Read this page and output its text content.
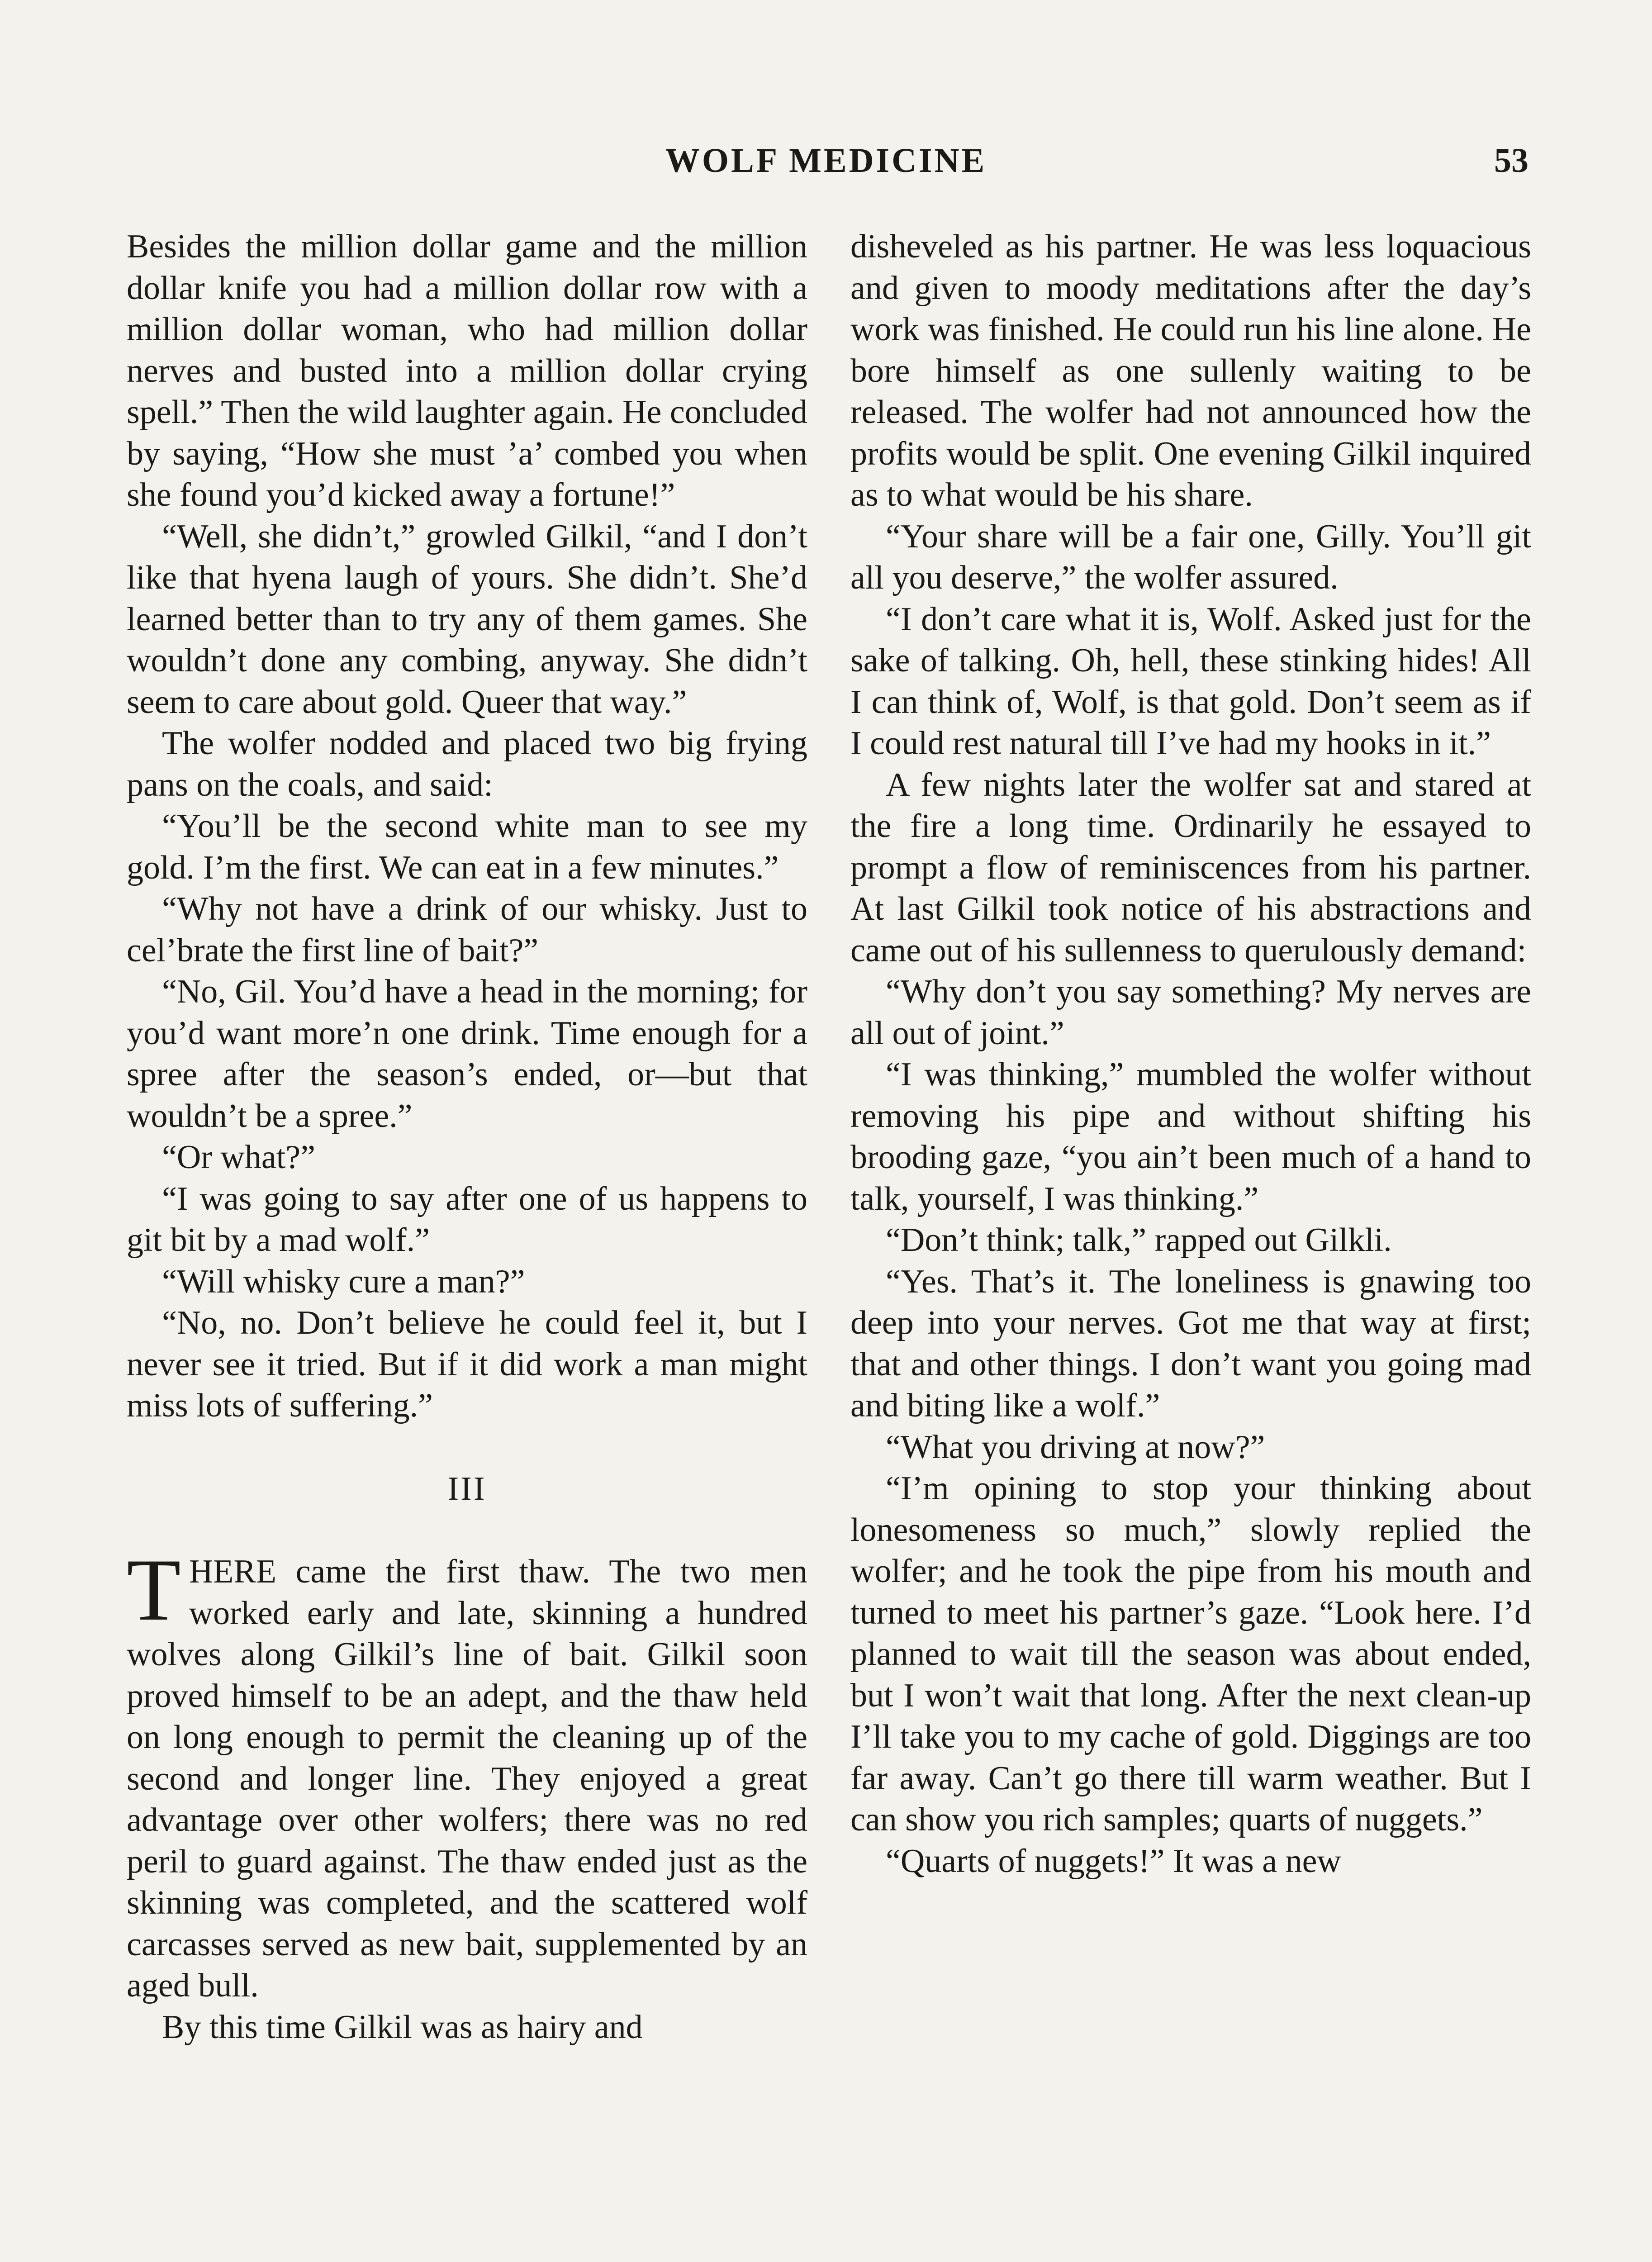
WOLF MEDICINE	53

Besides the million dollar game and the million dollar knife you had a million dollar row with a million dollar woman, who had million dollar nerves and busted into a million dollar crying spell.” Then the wild laughter again. He concluded by saying, “How she must ’a’ combed you when she found you’d kicked away a fortune!”

“Well, she didn’t,” growled Gilkil, “and I don’t like that hyena laugh of yours. She didn’t. She’d learned better than to try any of them games. She wouldn’t done any combing, anyway. She didn’t seem to care about gold. Queer that way.”

The wolfer nodded and placed two big frying pans on the coals, and said:

“You’ll be the second white man to see my gold. I’m the first. We can eat in a few minutes.”

“Why not have a drink of our whisky. Just to cel’brate the first line of bait?”

“No, Gil. You’d have a head in the morning; for you’d want more’n one drink. Time enough for a spree after the season’s ended, or—but that wouldn’t be a spree.”

“Or what?”

“I was going to say after one of us happens to git bit by a mad wolf.”

“Will whisky cure a man?”

“No, no. Don’t believe he could feel it, but I never see it tried. But if it did work a man might miss lots of suffering.”

III

THERE came the first thaw. The two men worked early and late, skinning a hundred wolves along Gilkil’s line of bait. Gilkil soon proved himself to be an adept, and the thaw held on long enough to permit the cleaning up of the second and longer line. They enjoyed a great advantage over other wolfers; there was no red peril to guard against. The thaw ended just as the skinning was completed, and the scattered wolf carcasses served as new bait, supplemented by an aged bull.

By this time Gilkil was as hairy and

disheveled as his partner. He was less loquacious and given to moody meditations after the day’s work was finished. He could run his line alone. He bore himself as one sullenly waiting to be released. The wolfer had not announced how the profits would be split. One evening Gilkil inquired as to what would be his share.

“Your share will be a fair one, Gilly. You’ll git all you deserve,” the wolfer assured.

“I don’t care what it is, Wolf. Asked just for the sake of talking. Oh, hell, these stinking hides! All I can think of, Wolf, is that gold. Don’t seem as if I could rest natural till I’ve had my hooks in it.”

A few nights later the wolfer sat and stared at the fire a long time. Ordinarily he essayed to prompt a flow of reminiscences from his partner. At last Gilkil took notice of his abstractions and came out of his sullenness to querulously demand:

“Why don’t you say something? My nerves are all out of joint.”

“I was thinking,” mumbled the wolfer without removing his pipe and without shifting his brooding gaze, “you ain’t been much of a hand to talk, yourself, I was thinking.”

“Don’t think; talk,” rapped out Gilkli.

“Yes. That’s it. The loneliness is gnawing too deep into your nerves. Got me that way at first; that and other things. I don’t want you going mad and biting like a wolf.”

“What you driving at now?”

“I’m opining to stop your thinking about lonesomeness so much,” slowly replied the wolfer; and he took the pipe from his mouth and turned to meet his partner’s gaze. “Look here. I’d planned to wait till the season was about ended, but I won’t wait that long. After the next clean-up I’ll take you to my cache of gold. Diggings are too far away. Can’t go there till warm weather. But I can show you rich samples; quarts of nuggets.”

“Quarts of nuggets!” It was a new
